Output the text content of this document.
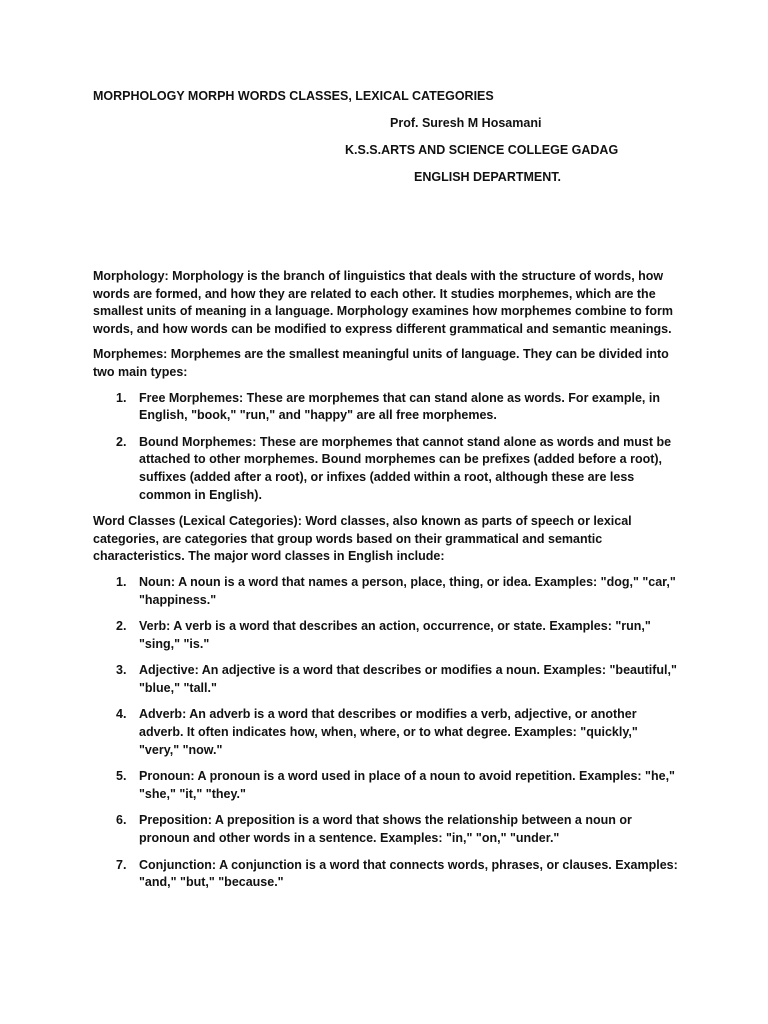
MORPHOLOGY MORPH WORDS CLASSES, LEXICAL CATEGORIES
Prof. Suresh M Hosamani
K.S.S.ARTS AND SCIENCE COLLEGE GADAG
ENGLISH DEPARTMENT.

Morphology: Morphology is the branch of linguistics that deals with the structure of words, how words are formed, and how they are related to each other. It studies morphemes, which are the smallest units of meaning in a language. Morphology examines how morphemes combine to form words, and how words can be modified to express different grammatical and semantic meanings.

Morphemes: Morphemes are the smallest meaningful units of language. They can be divided into two main types:

1. Free Morphemes: These are morphemes that can stand alone as words. For example, in English, "book," "run," and "happy" are all free morphemes.
2. Bound Morphemes: These are morphemes that cannot stand alone as words and must be attached to other morphemes. Bound morphemes can be prefixes (added before a root), suffixes (added after a root), or infixes (added within a root, although these are less common in English).

Word Classes (Lexical Categories): Word classes, also known as parts of speech or lexical categories, are categories that group words based on their grammatical and semantic characteristics. The major word classes in English include:

1. Noun: A noun is a word that names a person, place, thing, or idea. Examples: "dog," "car," "happiness."
2. Verb: A verb is a word that describes an action, occurrence, or state. Examples: "run," "sing," "is."
3. Adjective: An adjective is a word that describes or modifies a noun. Examples: "beautiful," "blue," "tall."
4. Adverb: An adverb is a word that describes or modifies a verb, adjective, or another adverb. It often indicates how, when, where, or to what degree. Examples: "quickly," "very," "now."
5. Pronoun: A pronoun is a word used in place of a noun to avoid repetition. Examples: "he," "she," "it," "they."
6. Preposition: A preposition is a word that shows the relationship between a noun or pronoun and other words in a sentence. Examples: "in," "on," "under."
7. Conjunction: A conjunction is a word that connects words, phrases, or clauses. Examples: "and," "but," "because."
